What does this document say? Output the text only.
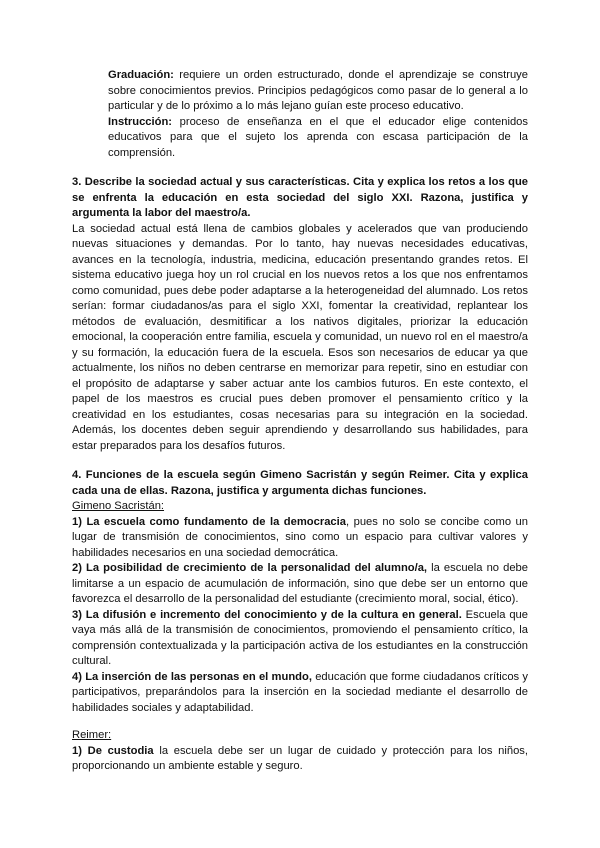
Graduación: requiere un orden estructurado, donde el aprendizaje se construye sobre conocimientos previos. Principios pedagógicos como pasar de lo general a lo particular y de lo próximo a lo más lejano guían este proceso educativo.

Instrucción: proceso de enseñanza en el que el educador elige contenidos educativos para que el sujeto los aprenda con escasa participación de la comprensión.

3. Describe la sociedad actual y sus características. Cita y explica los retos a los que se enfrenta la educación en esta sociedad del siglo XXI. Razona, justifica y argumenta la labor del maestro/a.

La sociedad actual está llena de cambios globales y acelerados que van produciendo nuevas situaciones y demandas. Por lo tanto, hay nuevas necesidades educativas, avances en la tecnología, industria, medicina, educación presentando grandes retos. El sistema educativo juega hoy un rol crucial en los nuevos retos a los que nos enfrentamos como comunidad, pues debe poder adaptarse a la heterogeneidad del alumnado. Los retos serían: formar ciudadanos/as para el siglo XXI, fomentar la creatividad, replantear los métodos de evaluación, desmitificar a los nativos digitales, priorizar la educación emocional, la cooperación entre familia, escuela y comunidad, un nuevo rol en el maestro/a y su formación, la educación fuera de la escuela. Esos son necesarios de educar ya que actualmente, los niños no deben centrarse en memorizar para repetir, sino en estudiar con el propósito de adaptarse y saber actuar ante los cambios futuros. En este contexto, el papel de los maestros es crucial pues deben promover el pensamiento crítico y la creatividad en los estudiantes, cosas necesarias para su integración en la sociedad. Además, los docentes deben seguir aprendiendo y desarrollando sus habilidades, para estar preparados para los desafíos futuros.

4. Funciones de la escuela según Gimeno Sacristán y según Reimer. Cita y explica cada una de ellas. Razona, justifica y argumenta dichas funciones.

Gimeno Sacristán:

1) La escuela como fundamento de la democracia, pues no solo se concibe como un lugar de transmisión de conocimientos, sino como un espacio para cultivar valores y habilidades necesarios en una sociedad democrática.

2) La posibilidad de crecimiento de la personalidad del alumno/a, la escuela no debe limitarse a un espacio de acumulación de información, sino que debe ser un entorno que favorezca el desarrollo de la personalidad del estudiante (crecimiento moral, social, ético).

3) La difusión e incremento del conocimiento y de la cultura en general. Escuela que vaya más allá de la transmisión de conocimientos, promoviendo el pensamiento crítico, la comprensión contextualizada y la participación activa de los estudiantes en la construcción cultural.

4) La inserción de las personas en el mundo, educación que forme ciudadanos críticos y participativos, preparándolos para la inserción en la sociedad mediante el desarrollo de habilidades sociales y adaptabilidad.

Reimer:

1) De custodia la escuela debe ser un lugar de cuidado y protección para los niños, proporcionando un ambiente estable y seguro.
